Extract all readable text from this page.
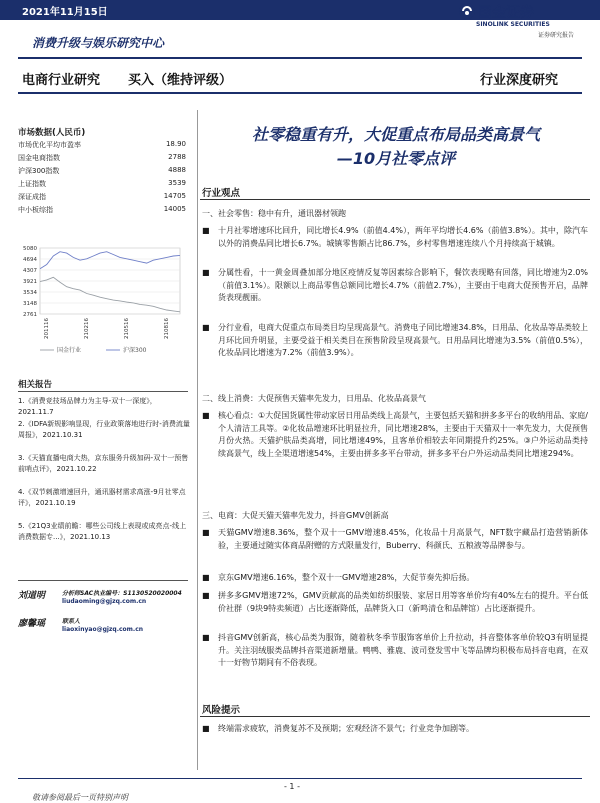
2021年11月15日	国金证券
SINOLINK SECURITIES
证券研究报告
消费升级与娱乐研究中心
电商行业研究 买入（维持评级）	行业深度研究
市场数据(人民币)
市场优化平均市盈率	18.90
国金电商指数	2788
沪深300指数	4888
上证指数	3539
深证成指	14705
中小板综指	14005
5080
4694
4307
3921
3534
3148
2761
201116	210216	210516	210816
国金行业	沪深300
相关报告
1.《消费竞技场品牌力为主导-双十一深度》，2021.11.7
2.《IDFA新规影响显现，行业政策落地进行时-消费流量周报》，2021.10.31
3.《天猫直播电商大热，京东服务升级加码-双十一预售前哨点评》，2021.10.22
4.《双节刺激增速回升，通讯器材需求高涨-9月社零点评》，2021.10.19
5.《21Q3业绩前瞻：哪些公司线上表现或成亮点-线上消费数据专...》，2021.10.13
刘道明	分析师SAC执业编号：S1130520020004
liudaoming@gjzq.com.cn
廖馨瑶	联系人
liaoxinyao@gjzq.com.cn
社零稳重有升，大促重点布局品类高景气
—10月社零点评
行业观点
一、社会零售：稳中有升，通讯器材领跑
■	十月社零增速环比回升，同比增长4.9%（前值4.4%），两年平均增长4.6%（前值3.8%）。其中，除汽车以外的消费品同比增长6.7%。城镇零售额占比86.7%，乡村零售增速连续八个月持续高于城镇。
■	分属性看，十一黄金周叠加部分地区疫情反复等因素综合影响下，餐饮表现略有回落，同比增速为2.0%（前值3.1%）。限额以上商品零售总额同比增长4.7%（前值2.7%），主要由于电商大促预售开启，品牌货表现靓丽。
■	分行业看，电商大促重点布局类目均呈现高景气。消费电子同比增速34.8%，日用品、化妆品等品类较上月环比回升明显，主要受益于相关类目在预售阶段呈现高景气。日用品同比增速为3.5%（前值0.5%），化妆品同比增速为7.2%（前值3.9%）。
二、线上消费：大促预售天猫率先发力，日用品、化妆品高景气
■	核心看点：①大促国货属性带动家居日用品类线上高景气，主要包括天猫和拼多多平台的收纳用品、家庭/个人清洁工具等。②化妆品增速环比明显拉升，同比增速28%，主要由于天猫双十一率先发力，大促预售月份火热。天猫护肤品类高增，同比增速49%，且客单价相较去年同期提升约25%。③户外运动品类持续高景气，线上全渠道增速54%，主要由拼多多平台带动，拼多多平台户外运动品类同比增速294%。
三、电商：大促天猫天猫率先发力，抖音GMV创新高
■	天猫GMV增速8.36%，整个双十一GMV增速8.45%，化妆品十月高景气，NFT数字藏品打造营销新体验，主要通过随实体商品附赠的方式限量发行，Buberry、科颜氏、五粮液等品牌参与。
■	京东GMV增速6.16%，整个双十一GMV增速28%，大促节奏先抑后扬。
■	拼多多GMV增速72%，GMV贡献高的品类如纺织服装、家居日用等客单价均有40%左右的提升。平台低价社群（9块9特卖频道）占比逐渐降低，品牌货入口（新鸣清仓和品牌馆）占比逐渐提升。
■	抖音GMV创新高，核心品类为服饰，随着秋冬季节服饰客单价上升拉动，抖音整体客单价较Q3有明显提升。关注羽绒服类品牌抖音渠道新增量。鸭鸭、雅鹿、波司登发雪中飞等品牌均积极布局抖音电商，在双十一好物节期间有不俗表现。
风险提示
■	终端需求疲软，消费复苏不及预期；宏观经济不景气；行业竞争加剧等。
- 1 -
敬请参阅最后一页特别声明
